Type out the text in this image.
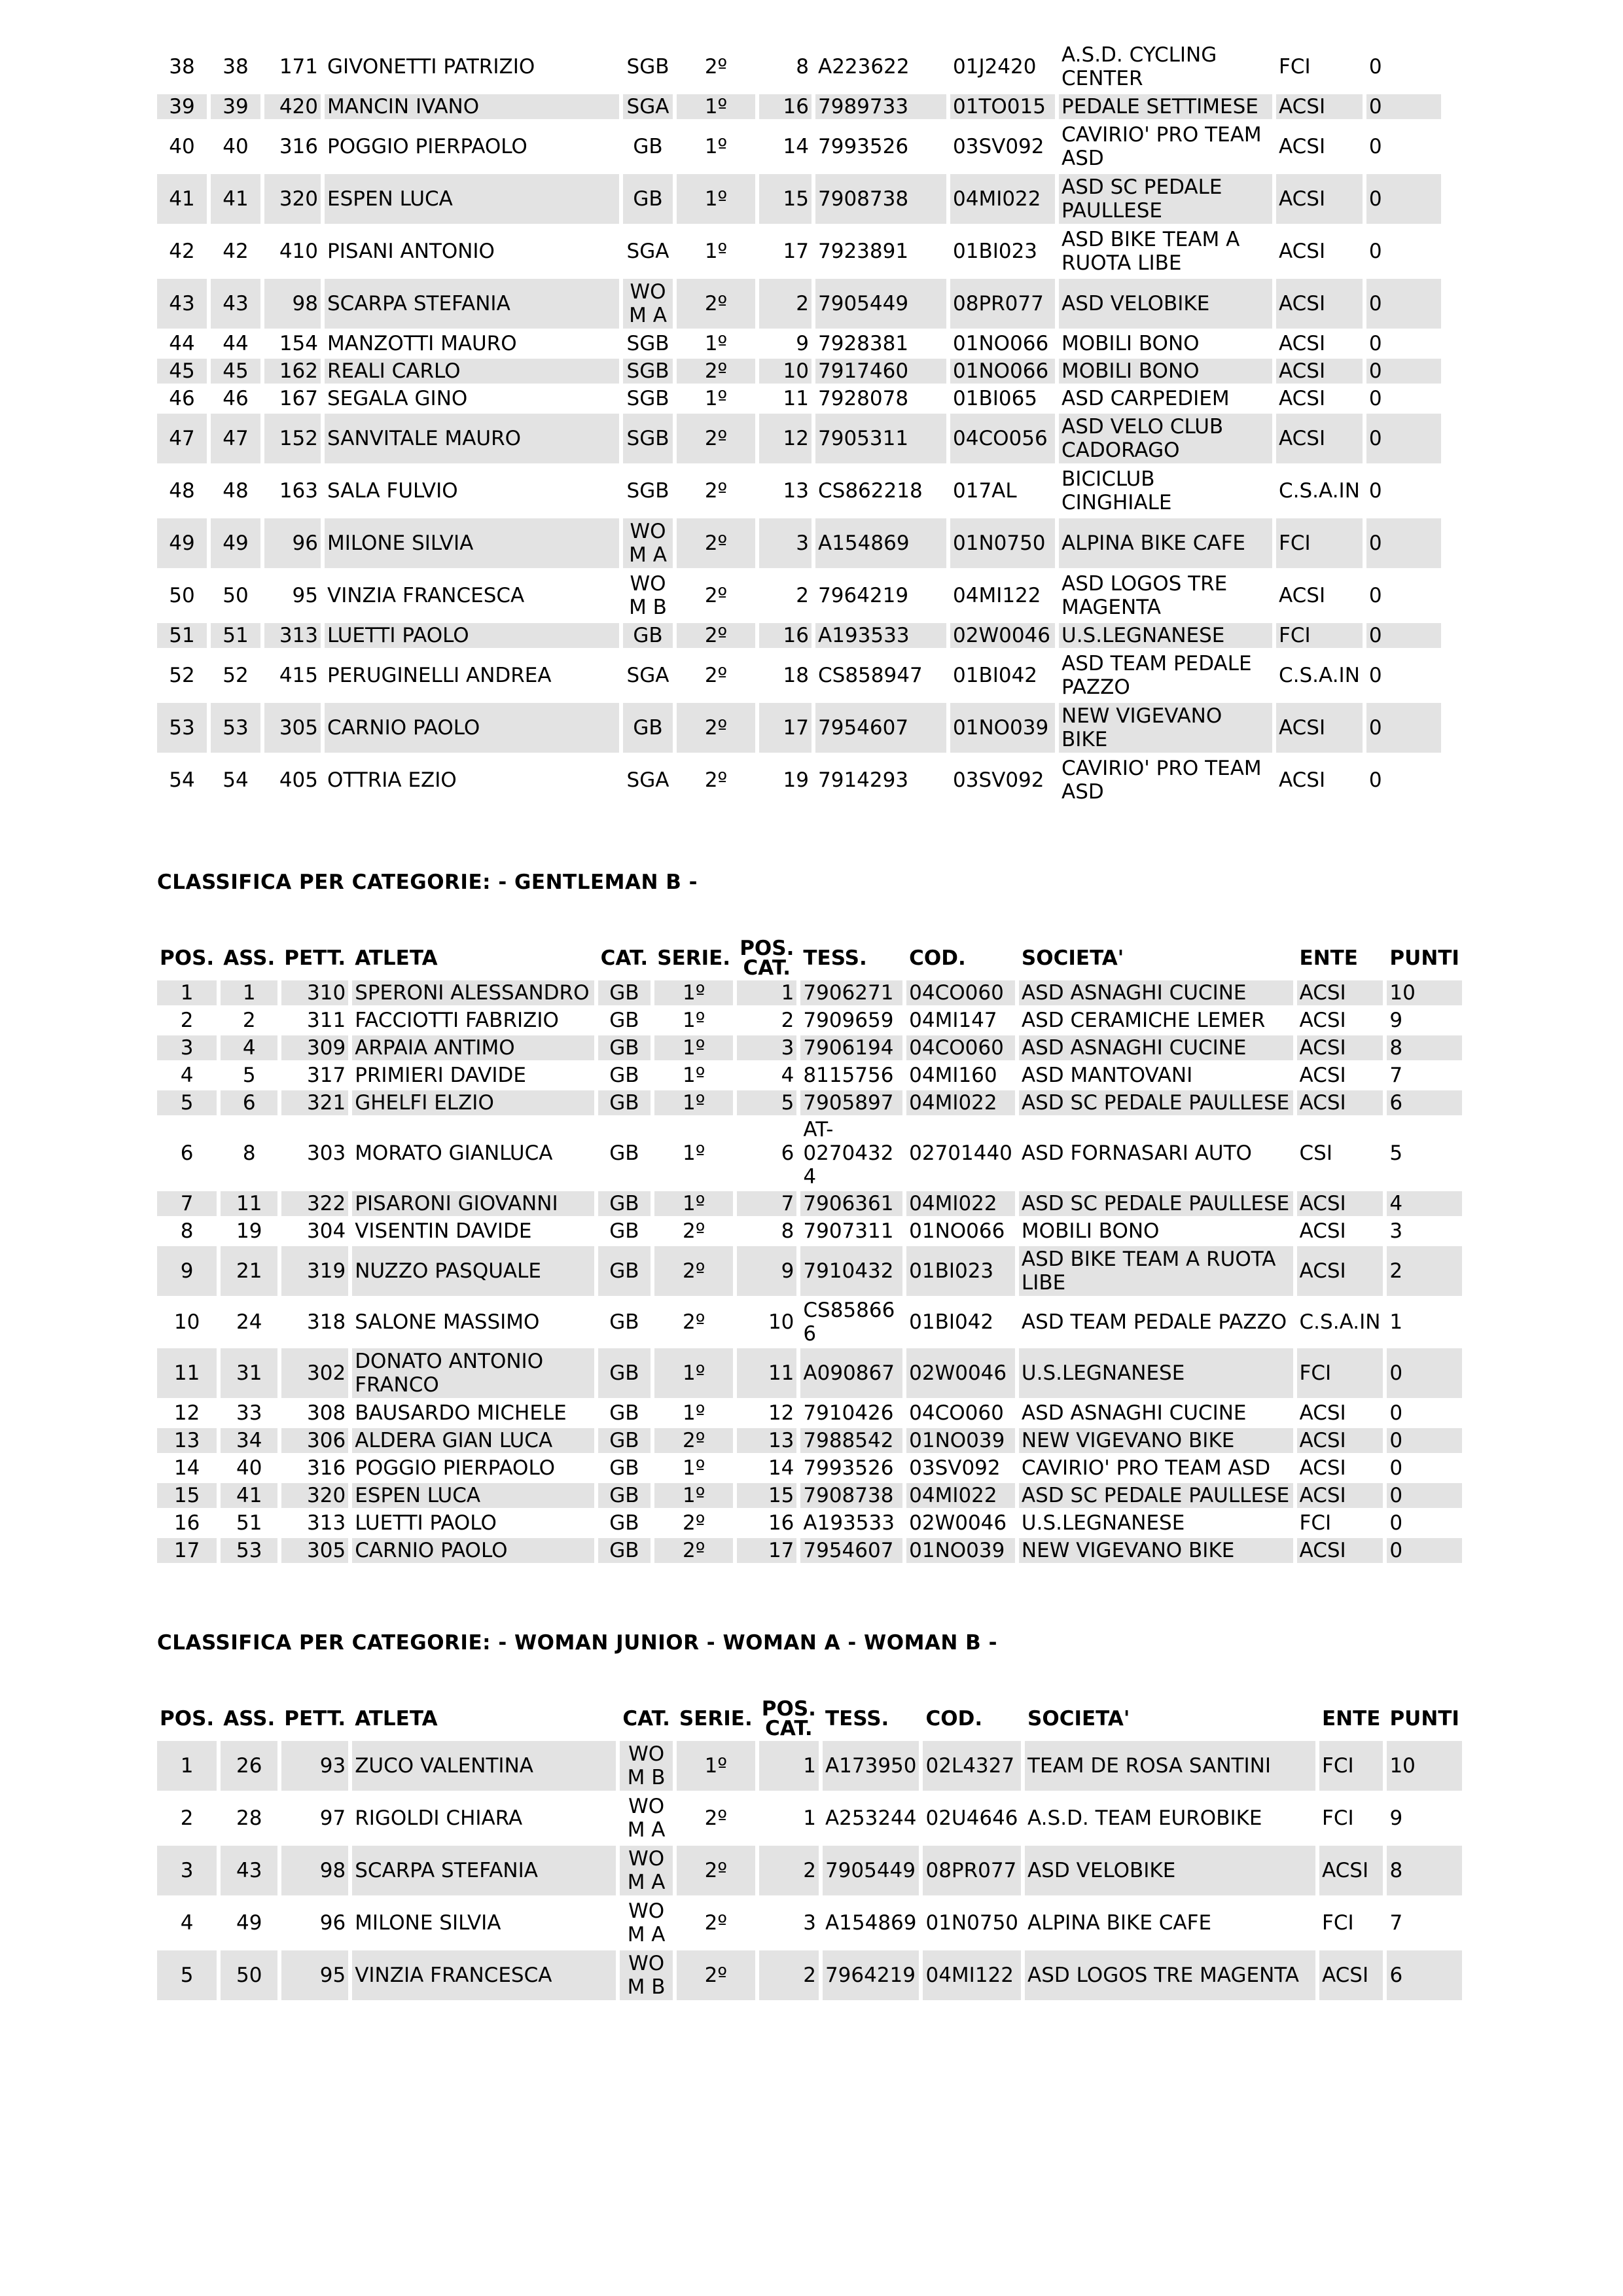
38	38	171	GIVONETTI PATRIZIO	SGB	2º	8	A223622	01J2420	A.S.D. CYCLING CENTER	FCI	0
39	39	420	MANCIN IVANO	SGA	1º	16	7989733	01TO015	PEDALE SETTIMESE	ACSI	0
40	40	316	POGGIO PIERPAOLO	GB	1º	14	7993526	03SV092	CAVIRIO' PRO TEAM ASD	ACSI	0
41	41	320	ESPEN LUCA	GB	1º	15	7908738	04MI022	ASD SC PEDALE PAULLESE	ACSI	0
42	42	410	PISANI ANTONIO	SGA	1º	17	7923891	01BI023	ASD BIKE TEAM A RUOTA LIBE	ACSI	0
43	43	98	SCARPA STEFANIA	WOM A	2º	2	7905449	08PR077	ASD VELOBIKE	ACSI	0
44	44	154	MANZOTTI MAURO	SGB	1º	9	7928381	01NO066	MOBILI BONO	ACSI	0
45	45	162	REALI CARLO	SGB	2º	10	7917460	01NO066	MOBILI BONO	ACSI	0
46	46	167	SEGALA GINO	SGB	1º	11	7928078	01BI065	ASD CARPEDIEM	ACSI	0
47	47	152	SANVITALE MAURO	SGB	2º	12	7905311	04CO056	ASD VELO CLUB CADORAGO	ACSI	0
48	48	163	SALA FULVIO	SGB	2º	13	CS862218	017AL	BICICLUB CINGHIALE	C.S.A.IN	0
49	49	96	MILONE SILVIA	WOM A	2º	3	A154869	01N0750	ALPINA BIKE CAFE	FCI	0
50	50	95	VINZIA FRANCESCA	WOM B	2º	2	7964219	04MI122	ASD LOGOS TRE MAGENTA	ACSI	0
51	51	313	LUETTI PAOLO	GB	2º	16	A193533	02W0046	U.S.LEGNANESE	FCI	0
52	52	415	PERUGINELLI ANDREA	SGA	2º	18	CS858947	01BI042	ASD TEAM PEDALE PAZZO	C.S.A.IN	0
53	53	305	CARNIO PAOLO	GB	2º	17	7954607	01NO039	NEW VIGEVANO BIKE	ACSI	0
54	54	405	OTTRIA EZIO	SGA	2º	19	7914293	03SV092	CAVIRIO' PRO TEAM ASD	ACSI	0
CLASSIFICA PER CATEGORIE: - GENTLEMAN B -
POS.	ASS.	PETT.	ATLETA	CAT.	SERIE.	POS. CAT.	TESS.	COD.	SOCIETA'	ENTE	PUNTI
1	1	310	SPERONI ALESSANDRO	GB	1º	1	7906271	04CO060	ASD ASNAGHI CUCINE	ACSI	10
2	2	311	FACCIOTTI FABRIZIO	GB	1º	2	7909659	04MI147	ASD CERAMICHE LEMER	ACSI	9
3	4	309	ARPAIA ANTIMO	GB	1º	3	7906194	04CO060	ASD ASNAGHI CUCINE	ACSI	8
4	5	317	PRIMIERI DAVIDE	GB	1º	4	8115756	04MI160	ASD MANTOVANI	ACSI	7
5	6	321	GHELFI ELZIO	GB	1º	5	7905897	04MI022	ASD SC PEDALE PAULLESE	ACSI	6
6	8	303	MORATO GIANLUCA	GB	1º	6	AT-02704324	02701440	ASD FORNASARI AUTO	CSI	5
7	11	322	PISARONI GIOVANNI	GB	1º	7	7906361	04MI022	ASD SC PEDALE PAULLESE	ACSI	4
8	19	304	VISENTIN DAVIDE	GB	2º	8	7907311	01NO066	MOBILI BONO	ACSI	3
9	21	319	NUZZO PASQUALE	GB	2º	9	7910432	01BI023	ASD BIKE TEAM A RUOTA LIBE	ACSI	2
10	24	318	SALONE MASSIMO	GB	2º	10	CS858666	01BI042	ASD TEAM PEDALE PAZZO	C.S.A.IN	1
11	31	302	DONATO ANTONIO FRANCO	GB	1º	11	A090867	02W0046	U.S.LEGNANESE	FCI	0
12	33	308	BAUSARDO MICHELE	GB	1º	12	7910426	04CO060	ASD ASNAGHI CUCINE	ACSI	0
13	34	306	ALDERA GIAN LUCA	GB	2º	13	7988542	01NO039	NEW VIGEVANO BIKE	ACSI	0
14	40	316	POGGIO PIERPAOLO	GB	1º	14	7993526	03SV092	CAVIRIO' PRO TEAM ASD	ACSI	0
15	41	320	ESPEN LUCA	GB	1º	15	7908738	04MI022	ASD SC PEDALE PAULLESE	ACSI	0
16	51	313	LUETTI PAOLO	GB	2º	16	A193533	02W0046	U.S.LEGNANESE	FCI	0
17	53	305	CARNIO PAOLO	GB	2º	17	7954607	01NO039	NEW VIGEVANO BIKE	ACSI	0
CLASSIFICA PER CATEGORIE: - WOMAN JUNIOR - WOMAN A - WOMAN B -
POS.	ASS.	PETT.	ATLETA	CAT.	SERIE.	POS. CAT.	TESS.	COD.	SOCIETA'	ENTE	PUNTI
1	26	93	ZUCO VALENTINA	WOM B	1º	1	A173950	02L4327	TEAM DE ROSA SANTINI	FCI	10
2	28	97	RIGOLDI CHIARA	WOM A	2º	1	A253244	02U4646	A.S.D. TEAM EUROBIKE	FCI	9
3	43	98	SCARPA STEFANIA	WOM A	2º	2	7905449	08PR077	ASD VELOBIKE	ACSI	8
4	49	96	MILONE SILVIA	WOM A	2º	3	A154869	01N0750	ALPINA BIKE CAFE	FCI	7
5	50	95	VINZIA FRANCESCA	WOM B	2º	2	7964219	04MI122	ASD LOGOS TRE MAGENTA	ACSI	6
